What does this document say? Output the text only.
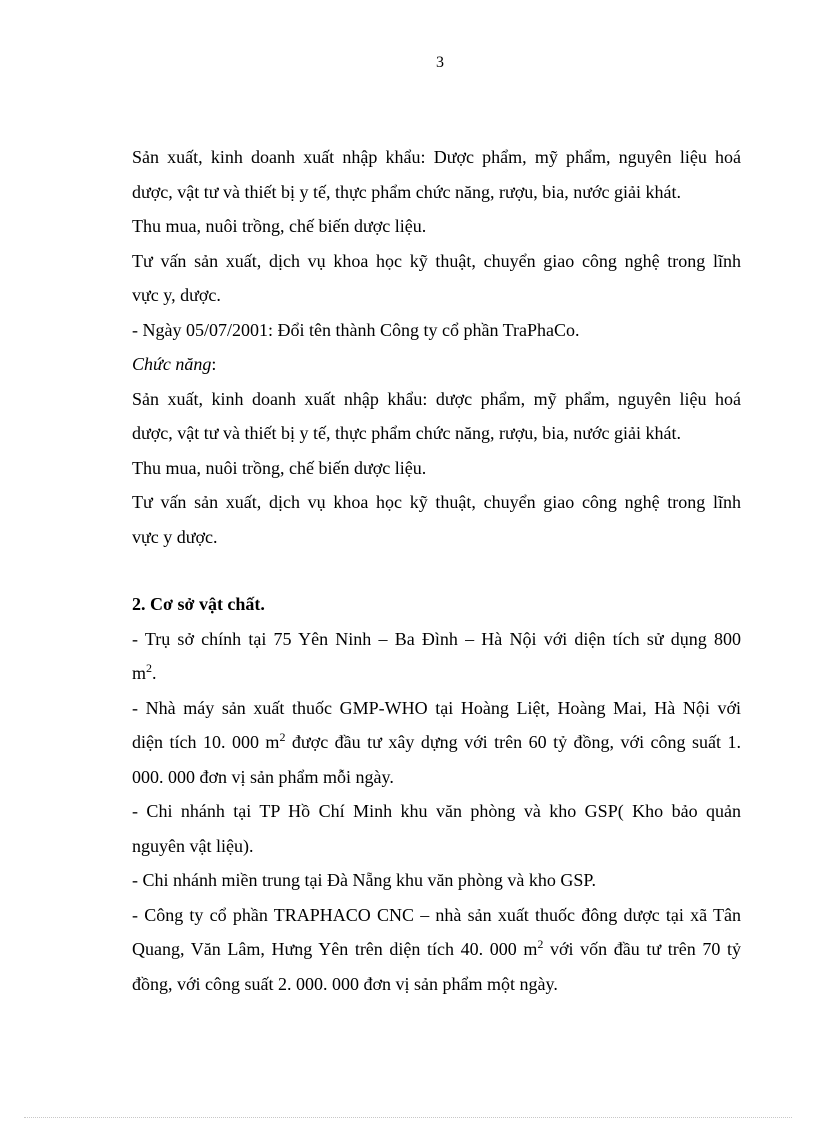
3

Sản xuất, kinh doanh xuất nhập khẩu: Dược phẩm, mỹ phẩm, nguyên liệu hoá

dược, vật tư và thiết bị y tế, thực phẩm chức năng, rượu, bia, nước giải khát.

Thu mua, nuôi trồng, chế biến dược liệu.

Tư vấn sản xuất, dịch vụ khoa học kỹ thuật, chuyển giao công nghệ trong lĩnh

vực y, dược.

- Ngày 05/07/2001: Đổi tên thành Công ty cổ phần TraPhaCo.

Chức năng:

Sản xuất, kinh doanh xuất nhập khẩu: dược phẩm, mỹ phẩm, nguyên liệu hoá

dược, vật tư và thiết bị y tế, thực phẩm chức năng, rượu, bia, nước giải khát.

Thu mua, nuôi trồng, chế biến dược liệu.

Tư vấn sản xuất, dịch vụ khoa học kỹ thuật, chuyển giao công nghệ trong lĩnh

vực y dược.

2. Cơ sở vật chất.

- Trụ sở chính tại 75 Yên Ninh – Ba Đình – Hà Nội với diện tích sử dụng 800

$m^2$.

- Nhà máy sản xuất thuốc GMP-WHO tại Hoàng Liệt, Hoàng Mai, Hà Nội với

diện tích 10. 000 $m^2$ được đầu tư xây dựng với trên 60 tỷ đồng, với công suất 1.

000. 000 đơn vị sản phẩm mỗi ngày.

- Chi nhánh tại TP Hồ Chí Minh khu văn phòng và kho GSP( Kho bảo quản

nguyên vật liệu).

- Chi nhánh miền trung tại Đà Nẵng khu văn phòng và kho GSP.

- Công ty cổ phần TRAPHACO CNC – nhà sản xuất thuốc đông dược tại xã Tân

Quang, Văn Lâm, Hưng Yên trên diện tích 40. 000 $m^2$ với vốn đầu tư trên 70 tỷ

đồng, với công suất 2. 000. 000 đơn vị sản phẩm một ngày.
